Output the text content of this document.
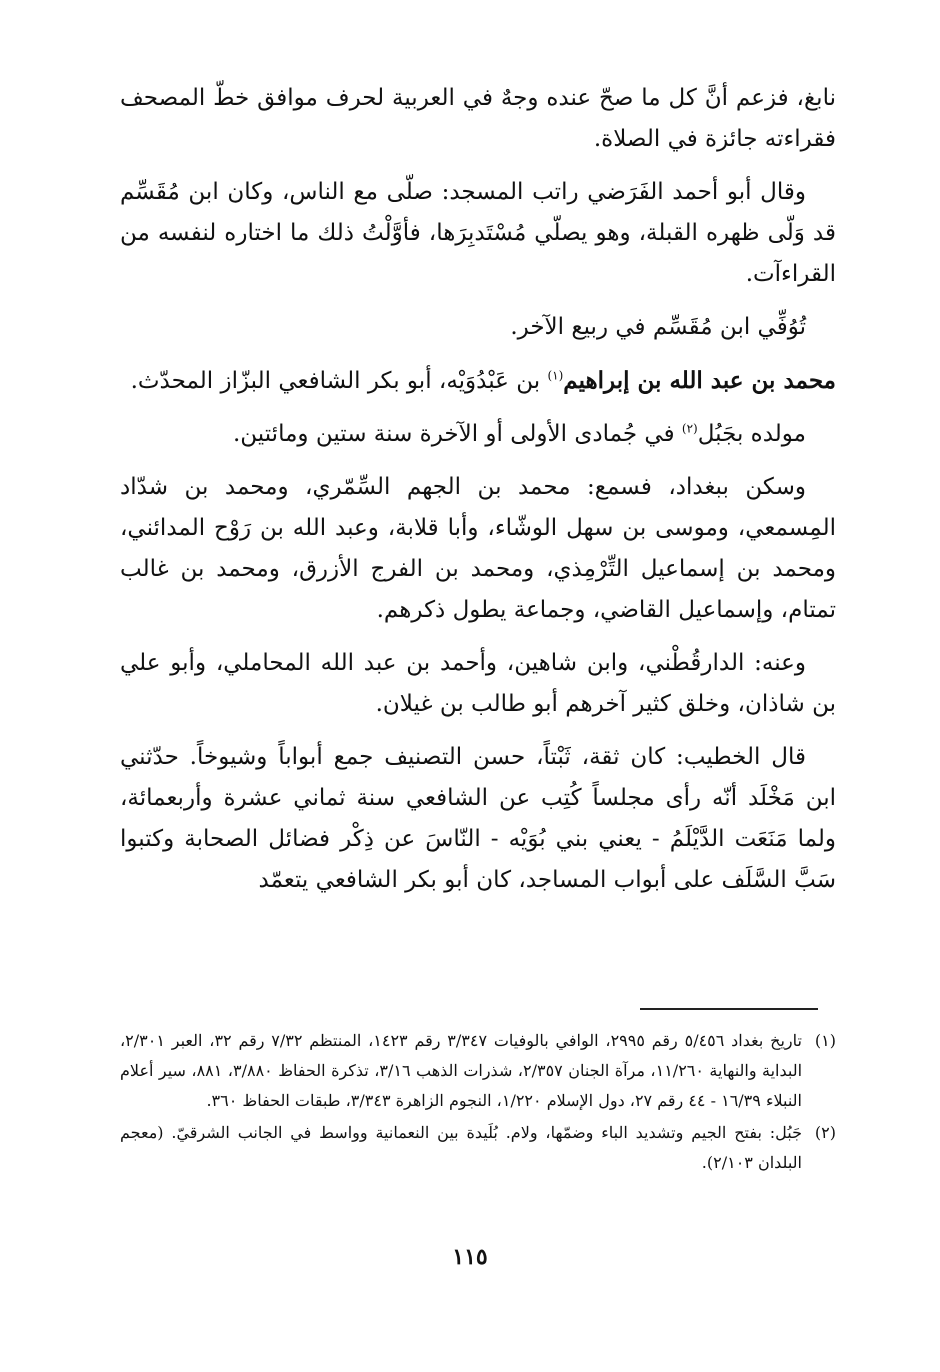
نابغ، فزعم أنَّ كل ما صحّ عنده وجهٌ في العربية لحرف موافق خطّ المصحف فقراءته جائزة في الصلاة.

وقال أبو أحمد الفَرَضي راتب المسجد: صلّى مع الناس، وكان ابن مُقَسِّم قد وَلّى ظهره القبلة، وهو يصلّي مُسْتَدبِرَها، فأوَّلْتُ ذلك ما اختاره لنفسه من القراءآت.

تُوُفِّي ابن مُقَسِّم في ربيع الآخر.

محمد بن عبد الله بن إبراهيم$^{(١)}$ بن عَبْدُوَيْه، أبو بكر الشافعي البزّاز المحدّث.

مولده بجَبُل$^{(٢)}$ في جُمادى الأولى أو الآخرة سنة ستين ومائتين.

وسكن ببغداد، فسمع: محمد بن الجهم السِّمّري، ومحمد بن شدّاد المِسمعي، وموسى بن سهل الوشّاء، وأبا قلابة، وعبد الله بن رَوْح المدائني، ومحمد بن إسماعيل التِّرْمِذي، ومحمد بن الفرج الأزرق، ومحمد بن غالب تمتام، وإسماعيل القاضي، وجماعة يطول ذكرهم.

وعنه: الدارقُطْني، وابن شاهين، وأحمد بن عبد الله المحاملي، وأبو علي بن شاذان، وخلق كثير آخرهم أبو طالب بن غيلان.

قال الخطيب: كان ثقة، ثَبْتاً، حسن التصنيف جمع أبواباً وشيوخاً. حدّثني ابن مَخْلَد أنّه رأى مجلساً كُتِب عن الشافعي سنة ثماني عشرة وأربعمائة، ولما مَنَعَت الدَّيْلَمُ - يعني بني بُوَيْه - النّاسَ عن ذِكْر فضائل الصحابة وكتبوا سَبَّ السَّلَف على أبواب المساجد، كان أبو بكر الشافعي يتعمّد

(١)
تاريخ بغداد ٥/٤٥٦ رقم ٢٩٩٥، الوافي بالوفيات ٣/٣٤٧ رقم ١٤٢٣، المنتظم ٧/٣٢ رقم ٣٢، العبر ٢/٣٠١، البداية والنهاية ١١/٢٦٠، مرآة الجنان ٢/٣٥٧، شذرات الذهب ٣/١٦، تذكرة الحفاظ ٣/٨٨٠، ٨٨١، سير أعلام النبلاء ١٦/٣٩ - ٤٤ رقم ٢٧، دول الإسلام ١/٢٢٠، النجوم الزاهرة ٣/٣٤٣، طبقات الحفاظ ٣٦٠.

(٢)
جَبُل: بفتح الجيم وتشديد الباء وضمّها، ولام. بُلَيدة بين النعمانية وواسط في الجانب الشرقيّ. (معجم البلدان ٢/١٠٣).

١١٥
